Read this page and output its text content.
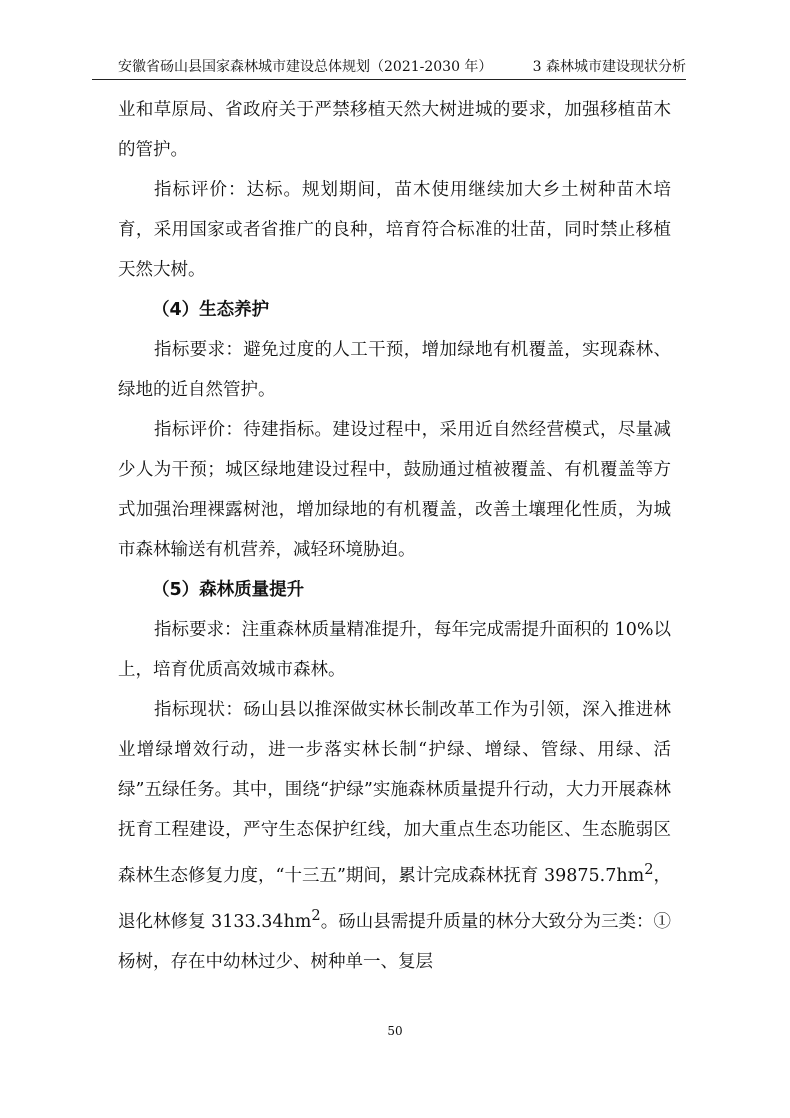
安徽省砀山县国家森林城市建设总体规划（2021-2030 年）	3 森林城市建设现状分析

业和草原局、省政府关于严禁移植天然大树进城的要求，加强移植苗木的管护。

指标评价：达标。规划期间，苗木使用继续加大乡土树种苗木培育，采用国家或者省推广的良种，培育符合标准的壮苗，同时禁止移植天然大树。

（4）生态养护

指标要求：避免过度的人工干预，增加绿地有机覆盖，实现森林、绿地的近自然管护。

指标评价：待建指标。建设过程中，采用近自然经营模式，尽量减少人为干预；城区绿地建设过程中，鼓励通过植被覆盖、有机覆盖等方式加强治理裸露树池，增加绿地的有机覆盖，改善土壤理化性质，为城市森林输送有机营养，减轻环境胁迫。

（5）森林质量提升

指标要求：注重森林质量精准提升，每年完成需提升面积的 10%以上，培育优质高效城市森林。

指标现状：砀山县以推深做实林长制改革工作为引领，深入推进林业增绿增效行动，进一步落实林长制“护绿、增绿、管绿、用绿、活绿”五绿任务。其中，围绕“护绿”实施森林质量提升行动，大力开展森林抚育工程建设，严守生态保护红线，加大重点生态功能区、生态脆弱区森林生态修复力度，“十三五”期间，累计完成森林抚育 $39875.7hm^2$，退化林修复 $3133.34hm^2$。砀山县需提升质量的林分大致分为三类：①杨树，存在中幼林过少、树种单一、复层

50
